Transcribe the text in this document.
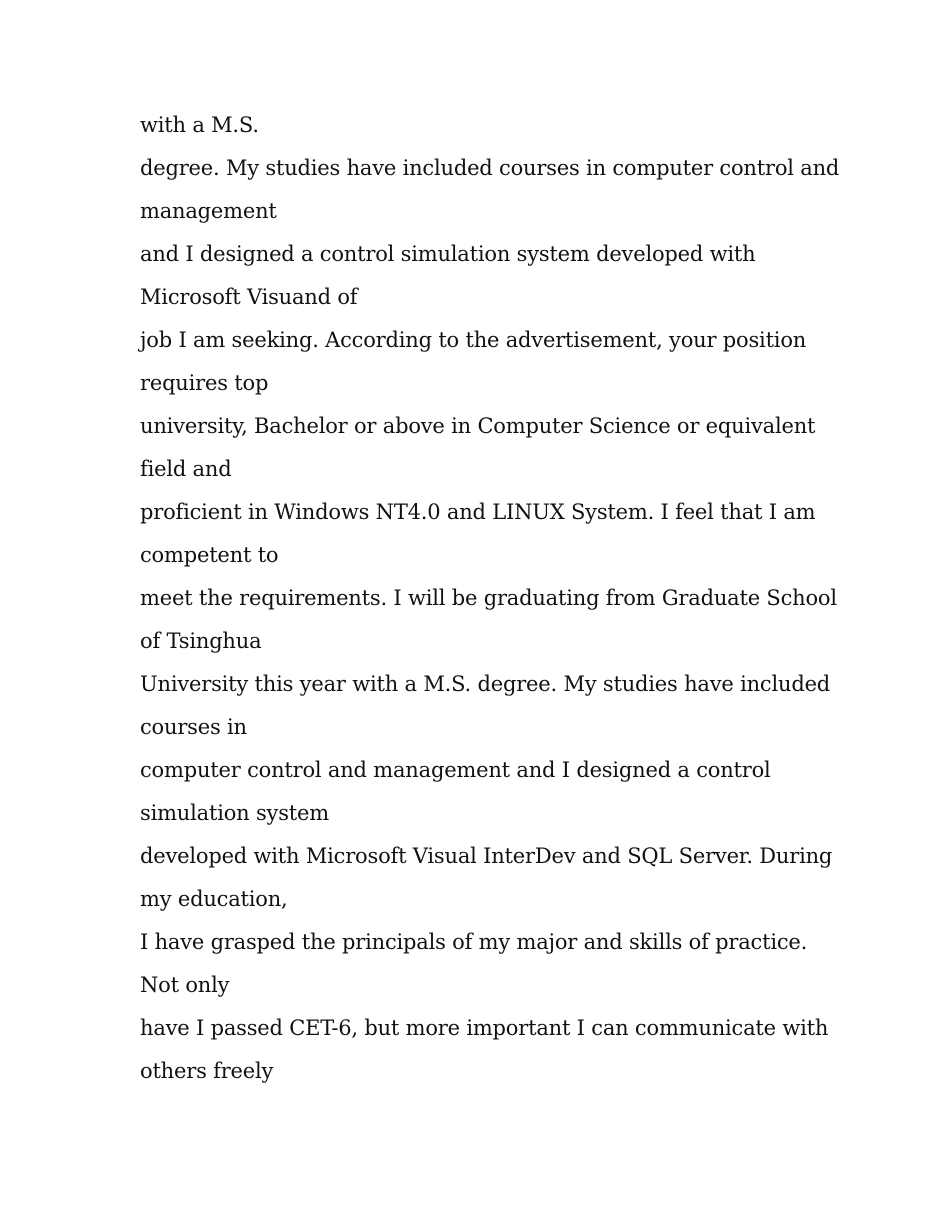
with a M.S.
degree. My studies have included courses in computer control and
management
and I designed a control simulation system developed with
Microsoft Visuand of
job I am seeking. According to the advertisement, your position
requires top
university, Bachelor or above in Computer Science or equivalent
field and
proficient in Windows NT4.0 and LINUX System. I feel that I am
competent to
meet the requirements. I will be graduating from Graduate School
of Tsinghua
University this year with a M.S. degree. My studies have included
courses in
computer control and management and I designed a control
simulation system
developed with Microsoft Visual InterDev and SQL Server. During
my education,
I have grasped the principals of my major and skills of practice.
Not only
have I passed CET-6, but more important I can communicate with
others freely
